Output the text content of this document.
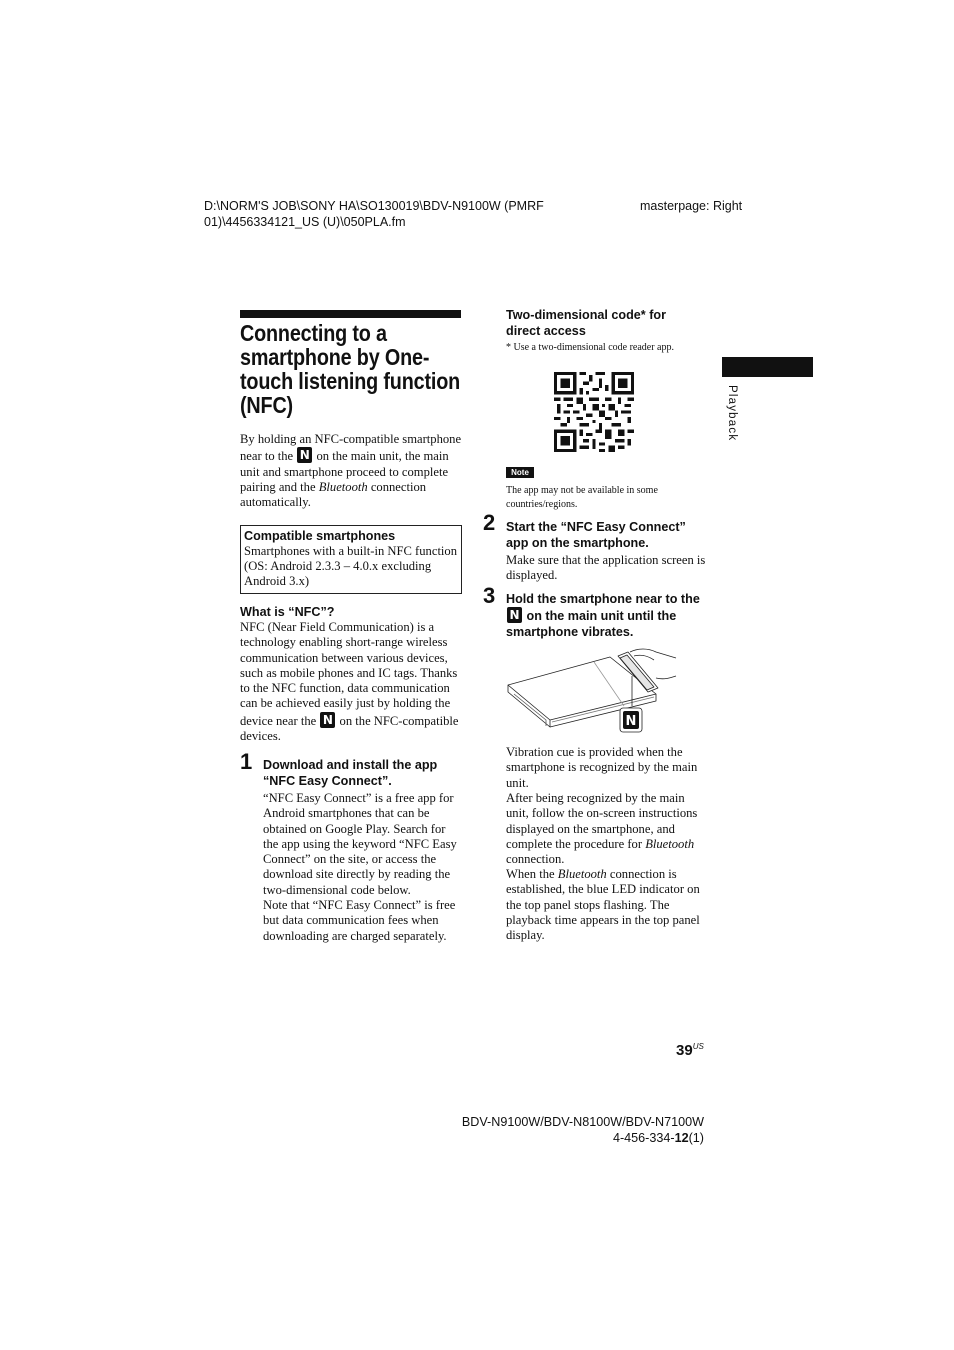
D:\NORM'S JOB\SONY HA\SO130019\BDV-N9100W (PMRF 01)\4456334121_US (U)\050PLA.fm
masterpage: Right
Playback
Connecting to a smartphone by One-touch listening function (NFC)
By holding an NFC-compatible smartphone near to the N on the main unit, the main unit and smartphone proceed to complete pairing and the Bluetooth connection automatically.
Compatible smartphones
Smartphones with a built-in NFC function (OS: Android 2.3.3 – 4.0.x excluding Android 3.x)
What is “NFC”?
NFC (Near Field Communication) is a technology enabling short-range wireless communication between various devices, such as mobile phones and IC tags. Thanks to the NFC function, data communication can be achieved easily just by holding the device near the N on the NFC-compatible devices.
1 Download and install the app “NFC Easy Connect”.
“NFC Easy Connect” is a free app for Android smartphones that can be obtained on Google Play. Search for the app using the keyword “NFC Easy Connect” on the site, or access the download site directly by reading the two-dimensional code below.
Note that “NFC Easy Connect” is free but data communication fees when downloading are charged separately.
Two-dimensional code* for direct access
* Use a two-dimensional code reader app.
Note
The app may not be available in some countries/regions.
2 Start the “NFC Easy Connect” app on the smartphone.
Make sure that the application screen is displayed.
3 Hold the smartphone near to the N on the main unit until the smartphone vibrates.
N
Vibration cue is provided when the smartphone is recognized by the main unit.
After being recognized by the main unit, follow the on-screen instructions displayed on the smartphone, and complete the procedure for Bluetooth connection.
When the Bluetooth connection is established, the blue LED indicator on the top panel stops flashing. The playback time appears in the top panel display.
$39^{US}$
BDV-N9100W/BDV-N8100W/BDV-N7100W
4-456-334-12(1)
